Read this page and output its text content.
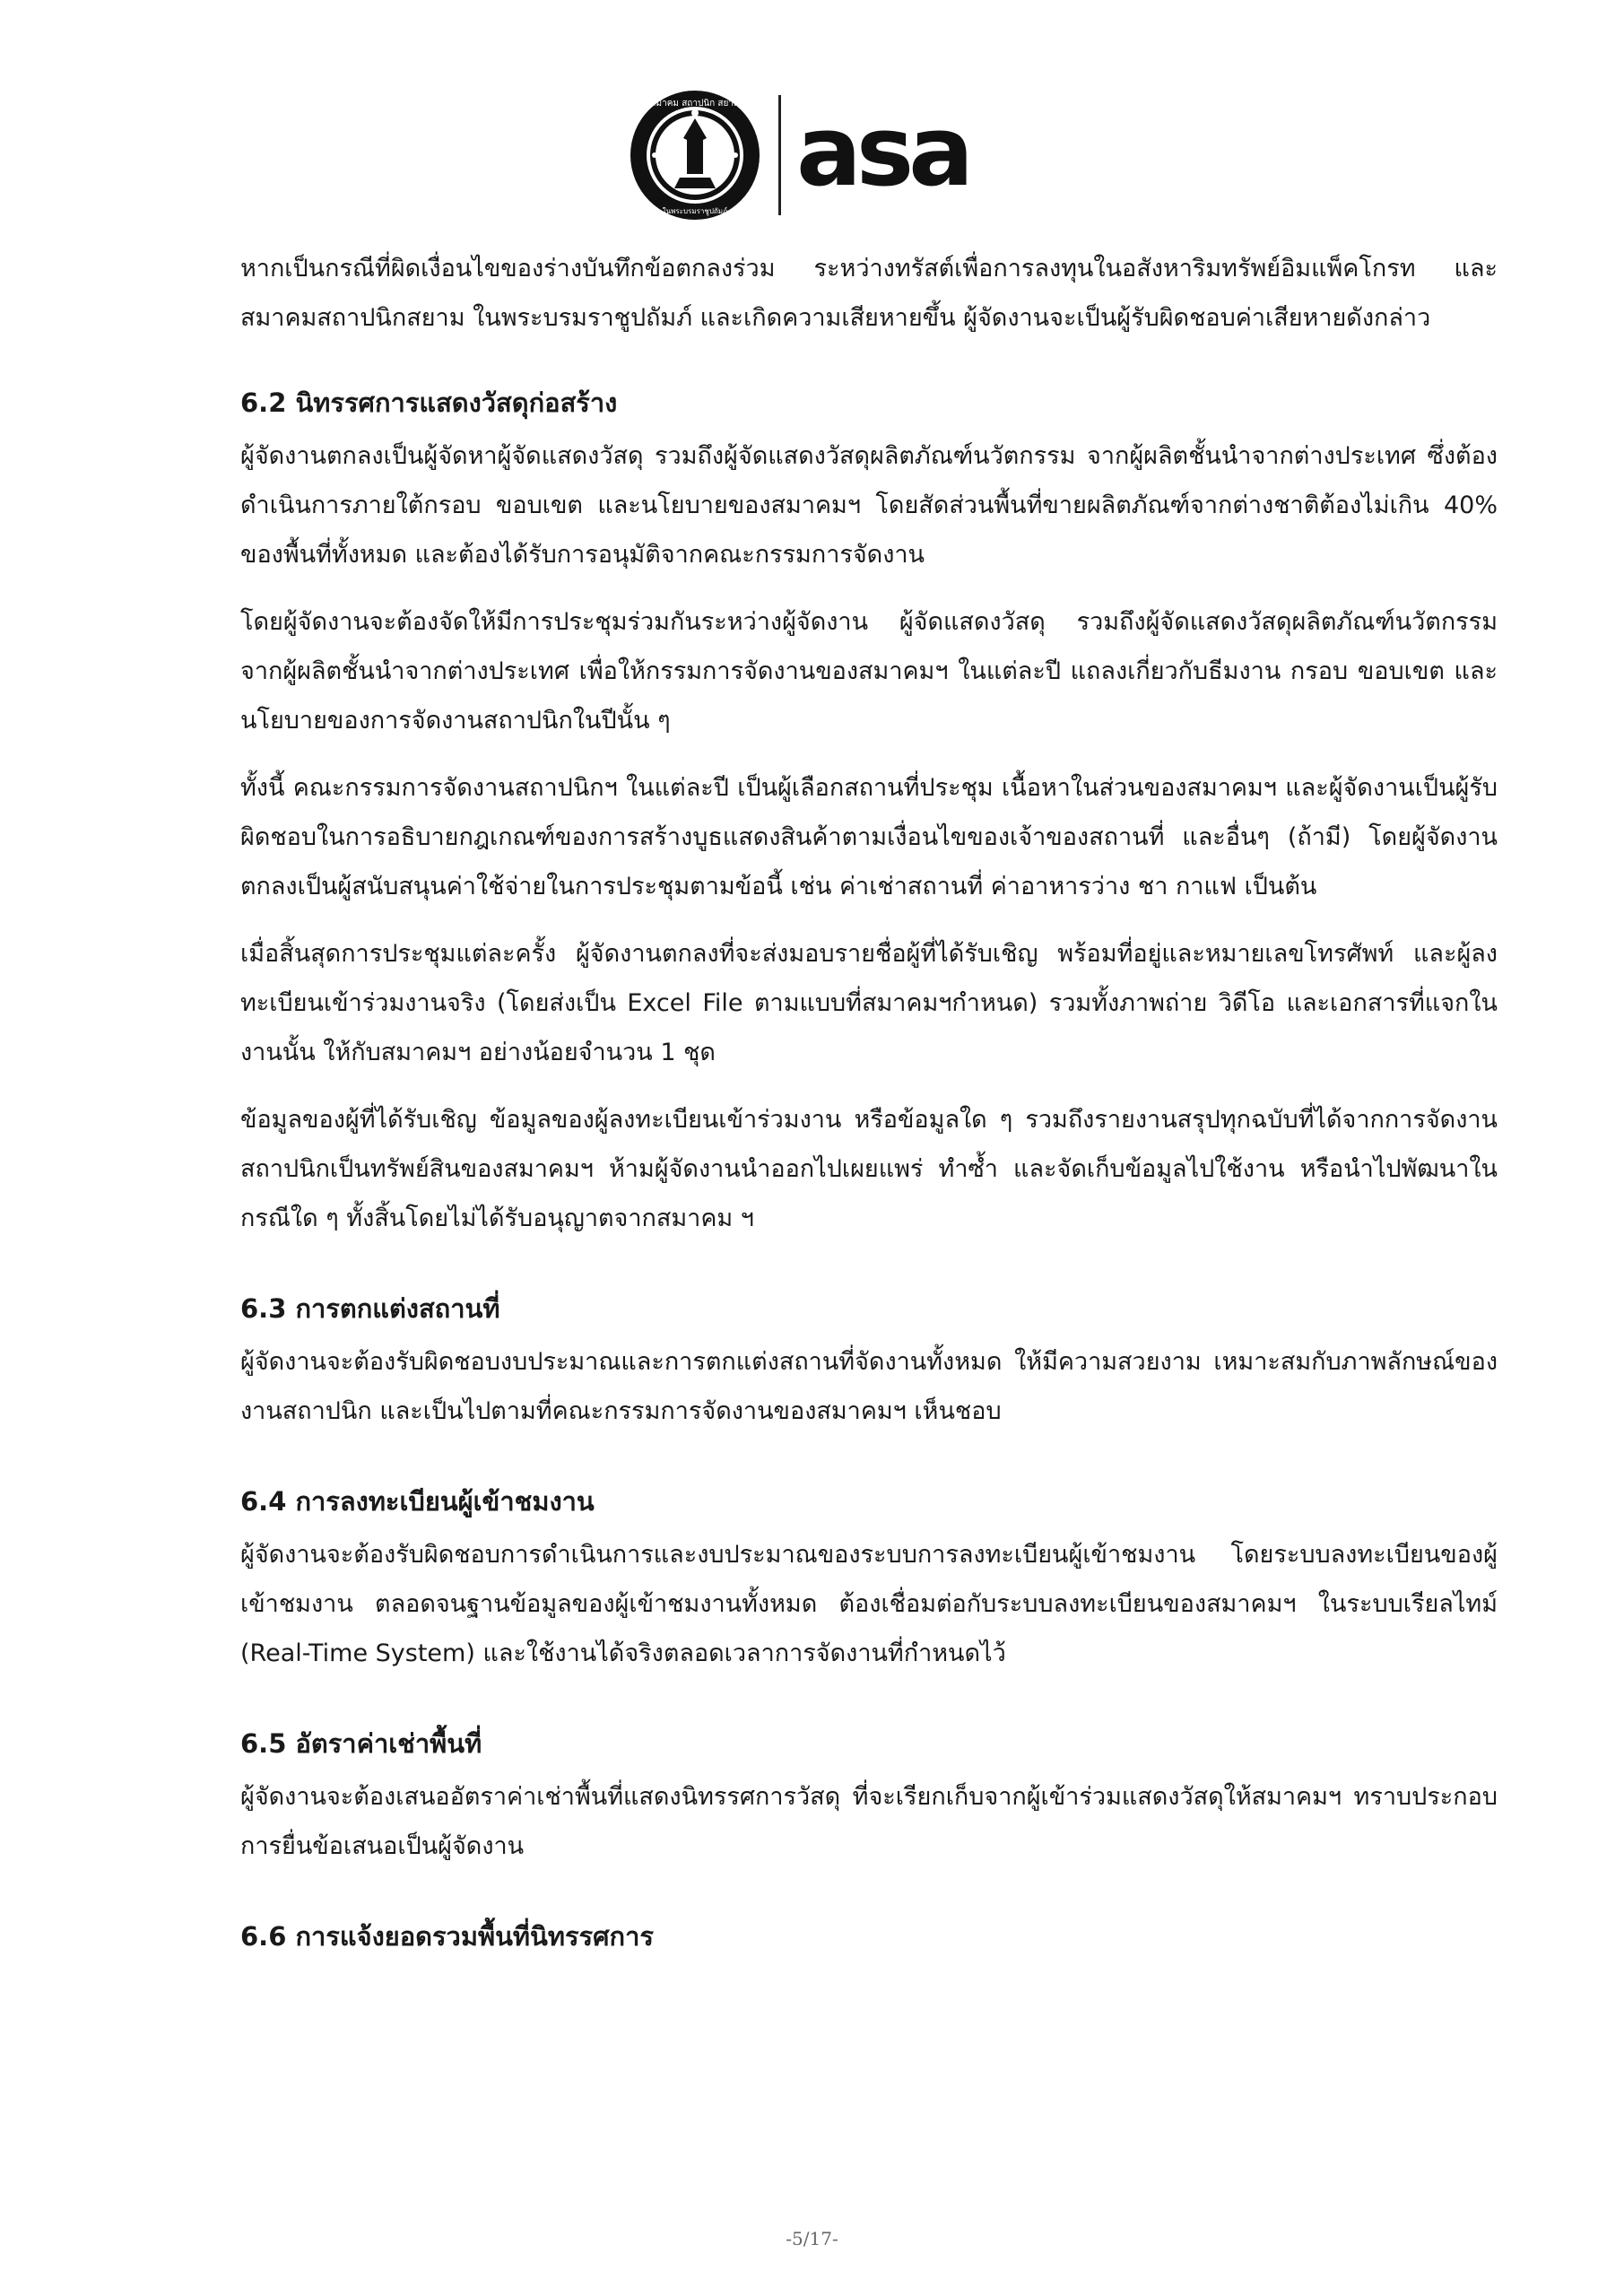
สมาคม สถาปนิก สยาม
ในพระบรมราชูปถัมภ์
asa

หากเป็นกรณีที่ผิดเงื่อนไขของร่างบันทึกข้อตกลงร่วม ระหว่างทรัสต์เพื่อการลงทุนในอสังหาริมทรัพย์อิมแพ็คโกรท และสมาคมสถาปนิกสยาม ในพระบรมราชูปถัมภ์ และเกิดความเสียหายขึ้น ผู้จัดงานจะเป็นผู้รับผิดชอบค่าเสียหายดังกล่าว

6.2 นิทรรศการแสดงวัสดุก่อสร้าง

ผู้จัดงานตกลงเป็นผู้จัดหาผู้จัดแสดงวัสดุ รวมถึงผู้จัดแสดงวัสดุผลิตภัณฑ์นวัตกรรม จากผู้ผลิตชั้นนำจากต่างประเทศ ซึ่งต้องดำเนินการภายใต้กรอบ ขอบเขต และนโยบายของสมาคมฯ โดยสัดส่วนพื้นที่ขายผลิตภัณฑ์จากต่างชาติต้องไม่เกิน 40% ของพื้นที่ทั้งหมด และต้องได้รับการอนุมัติจากคณะกรรมการจัดงาน

โดยผู้จัดงานจะต้องจัดให้มีการประชุมร่วมกันระหว่างผู้จัดงาน ผู้จัดแสดงวัสดุ รวมถึงผู้จัดแสดงวัสดุผลิตภัณฑ์นวัตกรรม จากผู้ผลิตชั้นนำจากต่างประเทศ เพื่อให้กรรมการจัดงานของสมาคมฯ ในแต่ละปี แถลงเกี่ยวกับธีมงาน กรอบ ขอบเขต และนโยบายของการจัดงานสถาปนิกในปีนั้น ๆ

ทั้งนี้ คณะกรรมการจัดงานสถาปนิกฯ ในแต่ละปี เป็นผู้เลือกสถานที่ประชุม เนื้อหาในส่วนของสมาคมฯ และผู้จัดงานเป็นผู้รับผิดชอบในการอธิบายกฎเกณฑ์ของการสร้างบูธแสดงสินค้าตามเงื่อนไขของเจ้าของสถานที่ และอื่นๆ (ถ้ามี) โดยผู้จัดงานตกลงเป็นผู้สนับสนุนค่าใช้จ่ายในการประชุมตามข้อนี้ เช่น ค่าเช่าสถานที่ ค่าอาหารว่าง ชา กาแฟ เป็นต้น

เมื่อสิ้นสุดการประชุมแต่ละครั้ง ผู้จัดงานตกลงที่จะส่งมอบรายชื่อผู้ที่ได้รับเชิญ พร้อมที่อยู่และหมายเลขโทรศัพท์ และผู้ลงทะเบียนเข้าร่วมงานจริง (โดยส่งเป็น Excel File ตามแบบที่สมาคมฯกำหนด) รวมทั้งภาพถ่าย วิดีโอ และเอกสารที่แจกในงานนั้น ให้กับสมาคมฯ อย่างน้อยจำนวน 1 ชุด

ข้อมูลของผู้ที่ได้รับเชิญ ข้อมูลของผู้ลงทะเบียนเข้าร่วมงาน หรือข้อมูลใด ๆ รวมถึงรายงานสรุปทุกฉบับที่ได้จากการจัดงานสถาปนิกเป็นทรัพย์สินของสมาคมฯ ห้ามผู้จัดงานนำออกไปเผยแพร่ ทำซ้ำ และจัดเก็บข้อมูลไปใช้งาน หรือนำไปพัฒนาในกรณีใด ๆ ทั้งสิ้นโดยไม่ได้รับอนุญาตจากสมาคม ฯ

6.3 การตกแต่งสถานที่

ผู้จัดงานจะต้องรับผิดชอบงบประมาณและการตกแต่งสถานที่จัดงานทั้งหมด ให้มีความสวยงาม เหมาะสมกับภาพลักษณ์ของงานสถาปนิก และเป็นไปตามที่คณะกรรมการจัดงานของสมาคมฯ เห็นชอบ

6.4 การลงทะเบียนผู้เข้าชมงาน

ผู้จัดงานจะต้องรับผิดชอบการดำเนินการและงบประมาณของระบบการลงทะเบียนผู้เข้าชมงาน โดยระบบลงทะเบียนของผู้เข้าชมงาน ตลอดจนฐานข้อมูลของผู้เข้าชมงานทั้งหมด ต้องเชื่อมต่อกับระบบลงทะเบียนของสมาคมฯ ในระบบเรียลไทม์ (Real-Time System) และใช้งานได้จริงตลอดเวลาการจัดงานที่กำหนดไว้

6.5 อัตราค่าเช่าพื้นที่

ผู้จัดงานจะต้องเสนออัตราค่าเช่าพื้นที่แสดงนิทรรศการวัสดุ ที่จะเรียกเก็บจากผู้เข้าร่วมแสดงวัสดุให้สมาคมฯ ทราบประกอบการยื่นข้อเสนอเป็นผู้จัดงาน

6.6 การแจ้งยอดรวมพื้นที่นิทรรศการ
-5/17-
